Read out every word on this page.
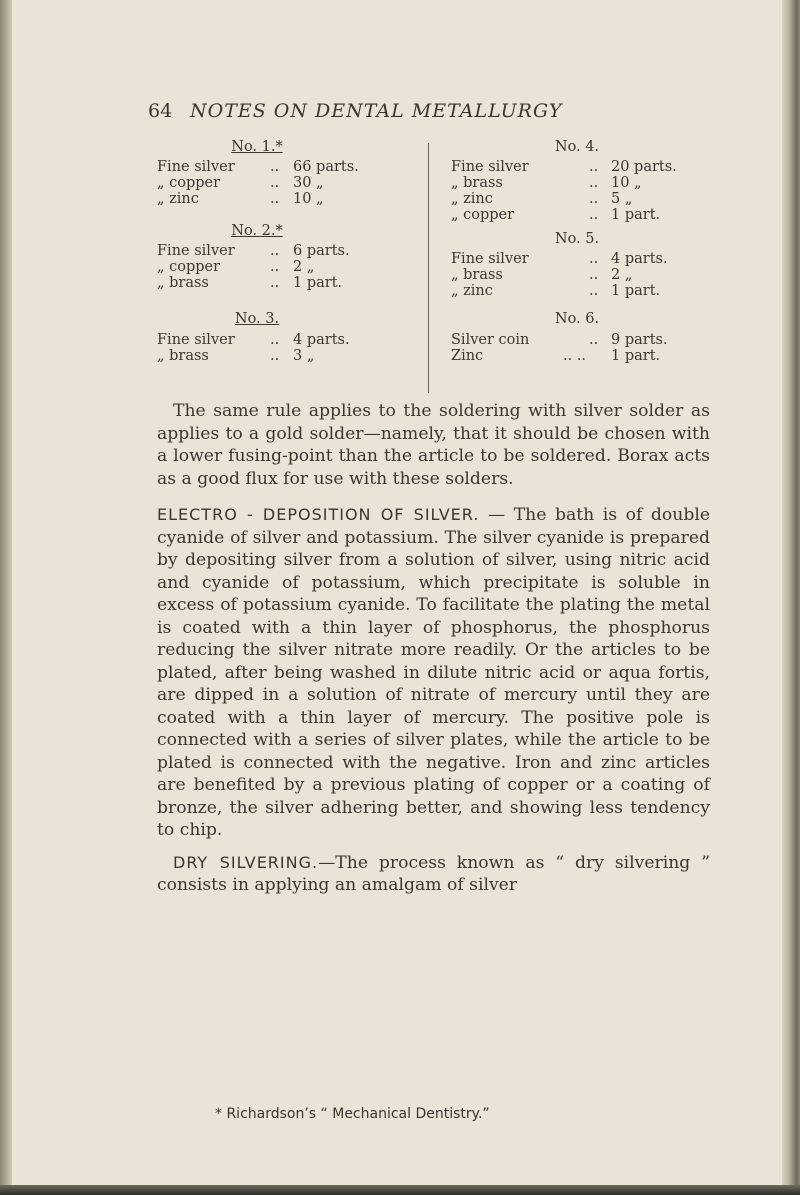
64 NOTES ON DENTAL METALLURGY
No. 1.*
Fine silver .. 66 parts.
„ copper	.. 30 „
„ zinc	.. 10 „
No. 2.*
Fine silver .. 6 parts.
„ copper	.. 2 „
„ brass	.. 1 part.
No. 3.
Fine silver .. 4 parts.
„ brass	.. 3 „
No. 4.
Fine silver	.. 20 parts.
„ brass	.. 10 „
„ zinc	.. 5 „
„ copper	.. 1 part.
No. 5.
Fine silver	.. 4 parts.
„ brass	.. 2 „
„ zinc	.. 1 part.
No. 6.
Silver coin	.. 9 parts.
Zinc	.. .. 1 part.

The same rule applies to the soldering with silver solder as applies to a gold solder—namely, that it should be chosen with a lower fusing-point than the article to be soldered. Borax acts as a good flux for use with these solders.

ELECTRO - DEPOSITION OF SILVER. — The bath is of double cyanide of silver and potassium. The silver cyanide is prepared by depositing silver from a solution of silver, using nitric acid and cyanide of potassium, which precipitate is soluble in excess of potassium cyanide. To facilitate the plating the metal is coated with a thin layer of phosphorus, the phosphorus reducing the silver nitrate more readily. Or the articles to be plated, after being washed in dilute nitric acid or aqua fortis, are dipped in a solution of nitrate of mercury until they are coated with a thin layer of mercury. The positive pole is connected with a series of silver plates, while the article to be plated is connected with the negative. Iron and zinc articles are benefited by a previous plating of copper or a coating of bronze, the silver adhering better, and showing less tendency to chip.

DRY SILVERING.—The process known as “ dry silvering ” consists in applying an amalgam of silver

* Richardson’s “ Mechanical Dentistry.”
